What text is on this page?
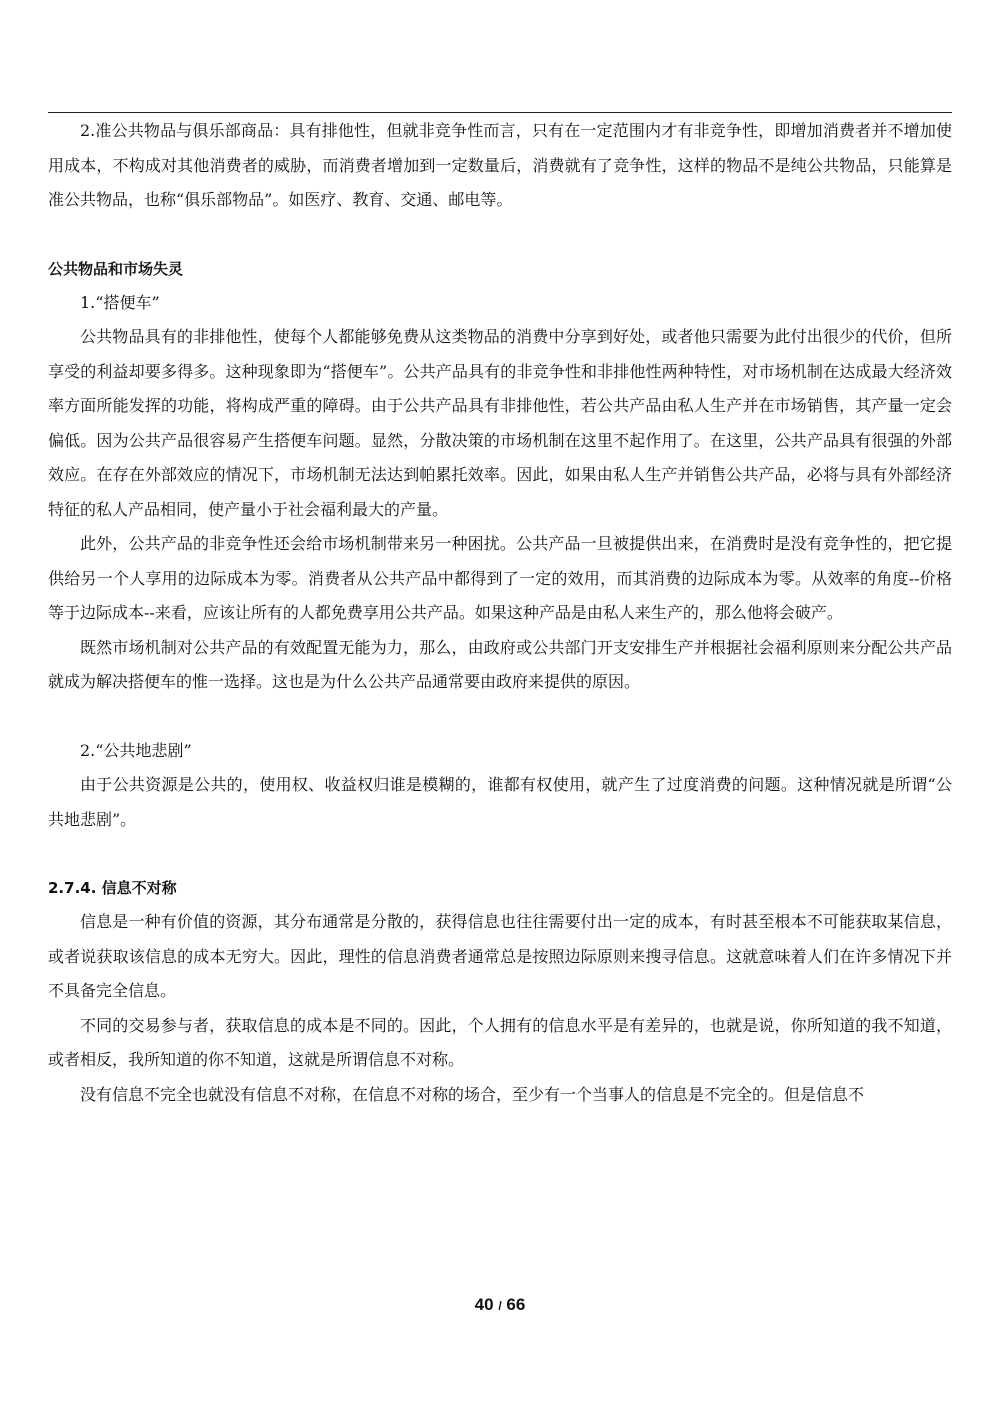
2.准公共物品与俱乐部商品：具有排他性，但就非竞争性而言，只有在一定范围内才有非竞争性，即增加消费者并不增加使用成本，不构成对其他消费者的威胁，而消费者增加到一定数量后，消费就有了竞争性，这样的物品不是纯公共物品，只能算是准公共物品，也称“俱乐部物品”。如医疗、教育、交通、邮电等。

公共物品和市场失灵

1.“搭便车”

公共物品具有的非排他性，使每个人都能够免费从这类物品的消费中分享到好处，或者他只需要为此付出很少的代价，但所享受的利益却要多得多。这种现象即为“搭便车”。公共产品具有的非竞争性和非排他性两种特性，对市场机制在达成最大经济效率方面所能发挥的功能，将构成严重的障碍。由于公共产品具有非排他性，若公共产品由私人生产并在市场销售，其产量一定会偏低。因为公共产品很容易产生搭便车问题。显然，分散决策的市场机制在这里不起作用了。在这里，公共产品具有很强的外部效应。在存在外部效应的情况下，市场机制无法达到帕累托效率。因此，如果由私人生产并销售公共产品，必将与具有外部经济特征的私人产品相同，使产量小于社会福利最大的产量。

此外，公共产品的非竞争性还会给市场机制带来另一种困扰。公共产品一旦被提供出来，在消费时是没有竞争性的，把它提供给另一个人享用的边际成本为零。消费者从公共产品中都得到了一定的效用，而其消费的边际成本为零。从效率的角度--价格等于边际成本--来看，应该让所有的人都免费享用公共产品。如果这种产品是由私人来生产的，那么他将会破产。

既然市场机制对公共产品的有效配置无能为力，那么，由政府或公共部门开支安排生产并根据社会福利原则来分配公共产品就成为解决搭便车的惟一选择。这也是为什么公共产品通常要由政府来提供的原因。

2.“公共地悲剧”

由于公共资源是公共的，使用权、收益权归谁是模糊的，谁都有权使用，就产生了过度消费的问题。这种情况就是所谓“公共地悲剧”。

2.7.4. 信息不对称

信息是一种有价值的资源，其分布通常是分散的，获得信息也往往需要付出一定的成本，有时甚至根本不可能获取某信息，或者说获取该信息的成本无穷大。因此，理性的信息消费者通常总是按照边际原则来搜寻信息。这就意味着人们在许多情况下并不具备完全信息。

不同的交易参与者，获取信息的成本是不同的。因此，个人拥有的信息水平是有差异的，也就是说，你所知道的我不知道，或者相反，我所知道的你不知道，这就是所谓信息不对称。

没有信息不完全也就没有信息不对称，在信息不对称的场合，至少有一个当事人的信息是不完全的。但是信息不

40 / 66
